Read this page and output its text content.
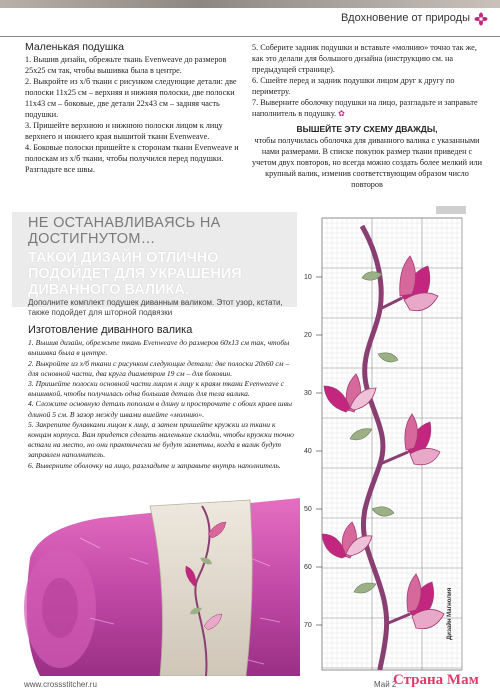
Вдохновение от природы
Маленькая подушка

1. Вышив дизайн, обрежьте ткань Evenweave до размеров 25x25 см так, чтобы вышивка была в центре.

2. Выкройте из х/б ткани с рисунком следующие детали: две полоски 11x25 см – верхняя и нижняя полоски, две полоски 11x43 см – боковые, две детали 22x43 см – задняя часть подушки.

3. Пришейте верхнюю и нижнюю полоски лицом к лицу верхнего и нижнего края вышитой ткани Evenweave.

4. Боковые полоски пришейте к сторонам ткани Evenweave и полоскам из х/б ткани, чтобы получился перед подушки. Разгладьте все швы.

5. Соберите задник подушки и вставьте «молнию» точно так же, как это делали для большого дизайна (инструкцию см. на предыдущей странице).

6. Сшейте перед и задник подушки лицом друг к другу по периметру.

7. Выверните оболочку подушки на лицо, разгладьте и заправьте наполнитель в подушку. ✿

ВЫШЕЙТЕ ЭТУ СХЕМУ ДВАЖДЫ,

чтобы получилась оболочка для диванного валика с указанными нами размерами. В списке покупок размер ткани приведен с учетом двух повторов, но всегда можно создать более мелкий или крупный валик, изменив соответствующим образом число повторов

НЕ ОСТАНАВЛИВАЯСЬ НА ДОСТИГНУТОМ…
ТАКОЙ ДИЗАЙН ОТЛИЧНО ПОДОЙДЕТ ДЛЯ УКРАШЕНИЯ ДИВАННОГО ВАЛИКА.
Дополните комплект подушек диванным валиком. Этот узор, кстати, также подойдет для шторной подвязки
Изготовление диванного валика

1. Вышив дизайн, обрежьте ткань Evenweave до размеров 60x13 см так, чтобы вышивка была в центре.

2. Выкройте из х/б ткани с рисунком следующие детали: две полоски 20x60 см – для основной части, два круга диаметром 19 см – для боковин.

3. Пришейте полоски основной части лицом к лицу к краям ткани Evenweave с вышивкой, чтобы получилась одна большая деталь для тела валика.

4. Сложите основную деталь пополам в длину и прострочите с обоих краев швы длиной 5 см. В зазор между швами вшейте «молнию».

5. Закрепите булавками лицом к лицу, а затем пришейте кружки из ткани к концам корпуса. Вам придется сделать маленькие складки, чтобы кружки точно встали на место, но они практически не будут заметны, когда в валик будут заправлен наполнитель.

6. Выверните оболочку на лицо, разгладьте и заправьте внутрь наполнитель.

10
20
30
40
50
60
70	Дизайн Магнолия
www.crossstitcher.ru	Май 2
Страна Мам
